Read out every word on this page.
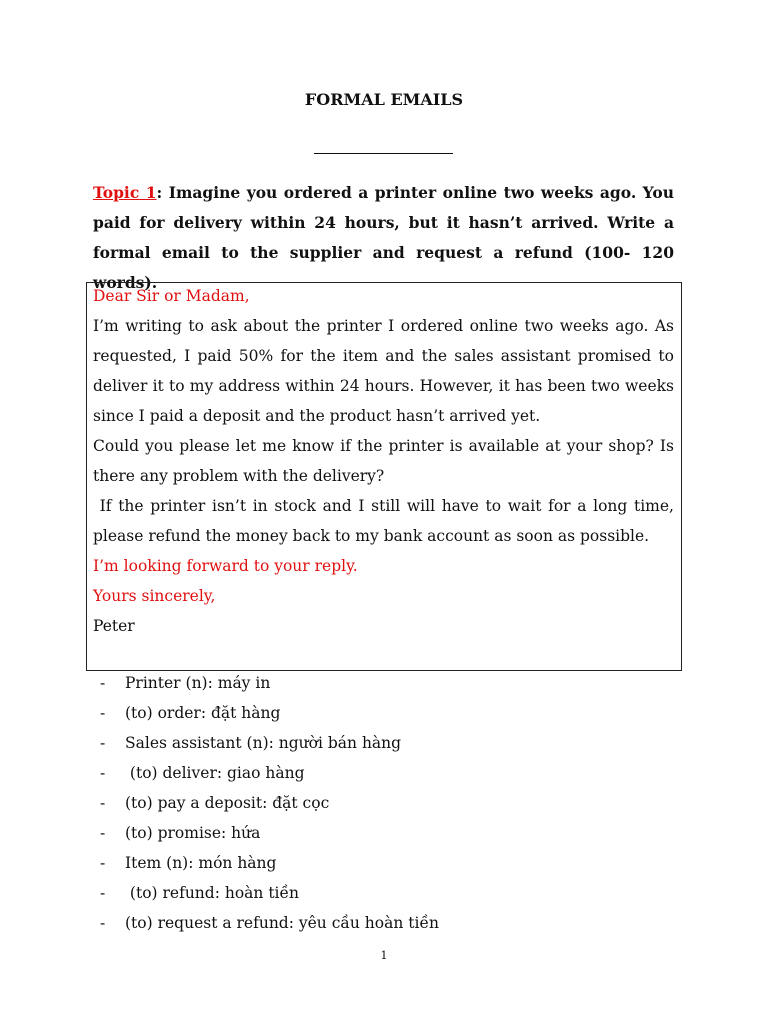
FORMAL EMAILS
Topic 1: Imagine you ordered a printer online two weeks ago. You paid for delivery within 24 hours, but it hasn’t arrived. Write a formal email to the supplier and request a refund (100- 120 words).

Dear Sir or Madam,

I’m writing to ask about the printer I ordered online two weeks ago. As requested, I paid 50% for the item and the sales assistant promised to deliver it to my address within 24 hours. However, it has been two weeks since I paid a deposit and the product hasn’t arrived yet.

Could you please let me know if the printer is available at your shop? Is there any problem with the delivery?

If the printer isn’t in stock and I still will have to wait for a long time, please refund the money back to my bank account as soon as possible.

I’m looking forward to your reply.

Yours sincerely,

Peter

-	Printer (n): máy in
-	(to) order: đặt hàng
-	Sales assistant (n): người bán hàng
-	(to) deliver: giao hàng
-	(to) pay a deposit: đặt cọc
-	(to) promise: hứa
-	Item (n): món hàng
-	(to) refund: hoàn tiền
-	(to) request a refund: yêu cầu hoàn tiền
1
